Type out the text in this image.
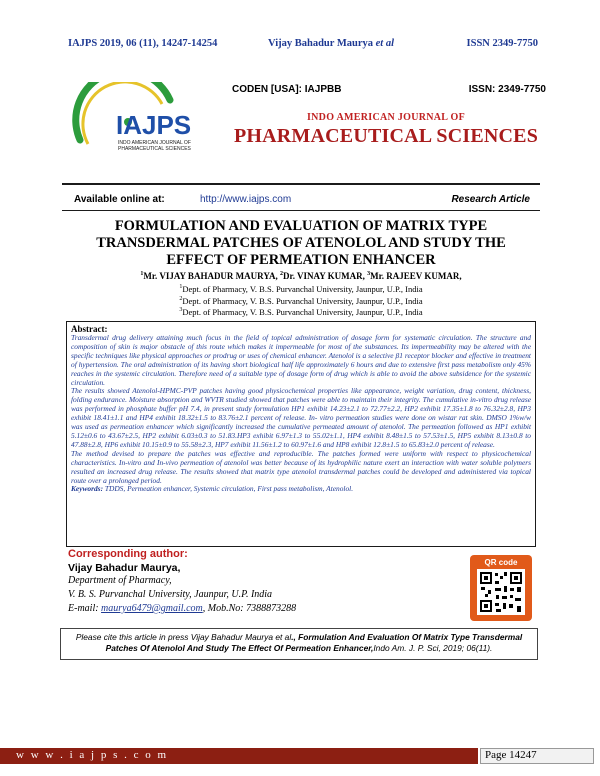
IAJPS 2019, 06 (11), 14247-14254	Vijay Bahadur Maurya et al	ISSN 2349-7750
IAJPS
INDO AMERICAN JOURNAL OF
PHARMACEUTICAL SCIENCES
CODEN [USA]: IAJPBB	ISSN: 2349-7750
INDO AMERICAN JOURNAL OF
PHARMACEUTICAL SCIENCES
Available online at:	http://www.iajps.com	Research Article
FORMULATION AND EVALUATION OF MATRIX TYPE
TRANSDERMAL PATCHES OF ATENOLOL AND STUDY THE
EFFECT OF PERMEATION ENHANCER
$^1$Mr. VIJAY BAHADUR MAURYA, $^2$Dr. VINAY KUMAR, $^3$Mr. RAJEEV KUMAR,
$^1$Dept. of Pharmacy, V. B.S. Purvanchal University, Jaunpur, U.P., India
$^2$Dept. of Pharmacy, V. B.S. Purvanchal University, Jaunpur, U.P., India
$^3$Dept. of Pharmacy, V. B.S. Purvanchal University, Jaunpur, U.P., India
Abstract:

Transdermal drug delivery attaining much focus in the field of topical administration of dosage form for systematic circulation. The structure and composition of skin is major obstacle of this route which makes it impermeable for most of the substances. Its impermeability may be altered with the specific techniques like physical approaches or prodrug or uses of chemical enhancer. Atenolol is a selective β1 receptor blocker and effective in treatment of hypertension. The oral administration of its having short biological half life approximately 6 hours and due to extensive first pass metabolism only 45% reaches in the systemic circulation. Therefore need of a suitable type of dosage form of drug which is able to avoid the above subsidence for the systemic circulation.

The results showed Atenolol-HPMC-PVP patches having good physicochemical properties like appearance, weight variation, drug content, thickness, folding endurance. Moisture absorption and WVTR studied showed that patches were able to maintain their integrity. The cumulative in-vitro drug release was performed in phosphate buffer pH 7.4, in present study formulation HP1 exhibit 14.23±2.1 to 72.77±2.2, HP2 exhibit 17.35±1.8 to 76.32±2.8, HP3 exhibit 18.41±1.1 and HP4 exhibit 18.32±1.5 to 83.76±2.1 percent of release. In- vitro permeation studies were done on wistar rat skin. DMSO 1%w/w was used as permeation enhancer which significantly increased the cumulative permeated amount of atenolol. The permeation followed as HP1 exhibit 5.12±0.6 to 43.67±2.5, HP2 exhibit 6.03±0.3 to 51.83.HP3 exhibit 6.97±1.3 to 55.02±1.1, HP4 exhibit 8.48±1.5 to 57.53±1.5, HP5 exhibit 8.13±0.8 to 47.88±2.8, HP6 exhibit 10.15±0.9 to 55.58±2.3, HP7 exhibit 11.56±1.2 to 60.97±1.6 and HP8 exhibit 12.8±1.5 to 65.83±2.0 percent of release.

The method devised to prepare the patches was effective and reproducible. The patches formed were uniform with respect to physicochemical characteristics. In-vitro and In-vivo permeation of atenolol was better because of its hydrophilic nature exert an interaction with water soluble polymers resulted an increased drug release. The results showed that matrix type atenolol transdermal patches could be developed and administered via topical route over a prolonged period.

Keywords: TDDS, Permeation enhancer, Systemic circulation, First pass metabolism, Atenolol.
Corresponding author:
Vijay Bahadur Maurya,
Department of Pharmacy,
V. B. S. Purvanchal University, Jaunpur, U.P. India
E-mail: maurya6479@gmail.com, Mob.No: 7388873288
QR code
Please cite this article in press Vijay Bahadur Maurya et al., Formulation And Evaluation Of Matrix Type Transdermal Patches Of Atenolol And Study The Effect Of Permeation Enhancer,Indo Am. J. P. Sci, 2019; 06(11).
w w w . i a j p s . c o m	Page 14247
